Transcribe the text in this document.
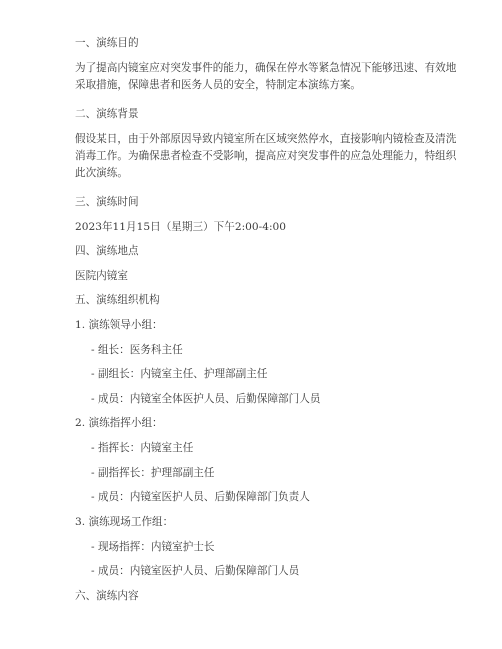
一、演练目的
为了提高内镜室应对突发事件的能力，确保在停水等紧急情况下能够迅速、有效地
采取措施，保障患者和医务人员的安全，特制定本演练方案。
二、演练背景
假设某日，由于外部原因导致内镜室所在区域突然停水，直接影响内镜检查及清洗
消毒工作。为确保患者检查不受影响，提高应对突发事件的应急处理能力，特组织
此次演练。
三、演练时间
2023年11月15日（星期三）下午2:00-4:00
四、演练地点
医院内镜室
五、演练组织机构
1. 演练领导小组：
- 组长：医务科主任
- 副组长：内镜室主任、护理部副主任
- 成员：内镜室全体医护人员、后勤保障部门人员
2. 演练指挥小组：
- 指挥长：内镜室主任
- 副指挥长：护理部副主任
- 成员：内镜室医护人员、后勤保障部门负责人
3. 演练现场工作组：
- 现场指挥：内镜室护士长
- 成员：内镜室医护人员、后勤保障部门人员
六、演练内容
